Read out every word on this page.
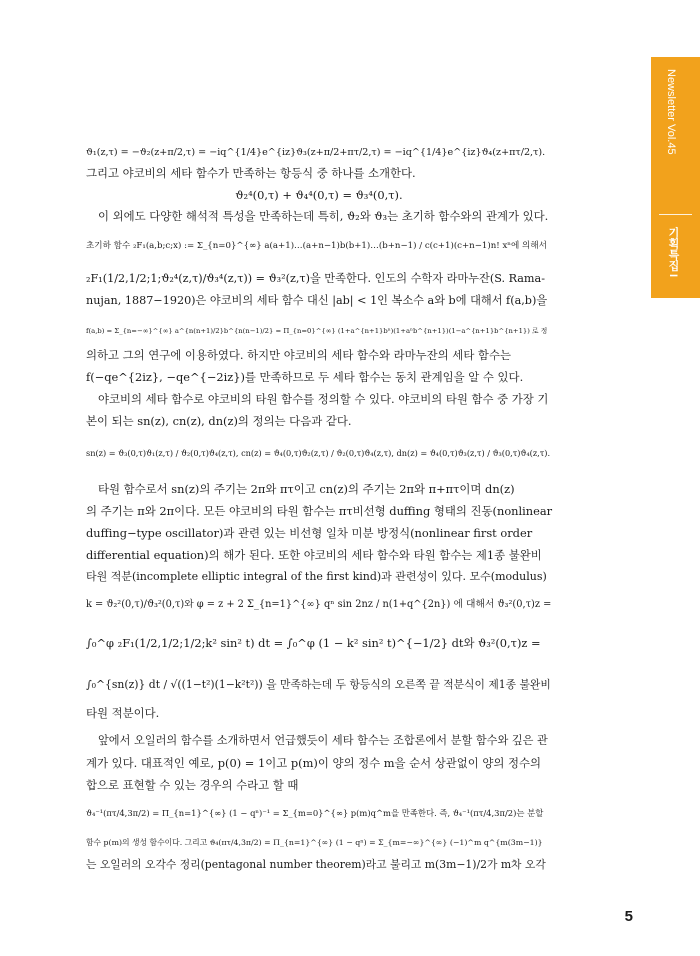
Newsletter Vol.45
기획특집 I
ϑ₁(z,τ) = −ϑ₂(z+π/2,τ) = −iq^{1/4}e^{iz}ϑ₃(z+π/2+πτ/2,τ) = −iq^{1/4}e^{iz}ϑ₄(z+πτ/2,τ).
그리고 야코비의 세타 함수가 만족하는 항등식 중 하나를 소개한다.
ϑ₂⁴(0,τ) + ϑ₄⁴(0,τ) = ϑ₃⁴(0,τ).
이 외에도 다양한 해석적 특성을 만족하는데 특히, ϑ₂와 ϑ₃는 초기하 함수와의 관계가 있다.
초기하 함수 ₂F₁(a,b;c;x) := Σ_{n=0}^{∞} a(a+1)…(a+n−1)b(b+1)…(b+n−1) / c(c+1)(c+n−1)n! xⁿ에 의해서
₂F₁(1/2,1/2;1;ϑ₂⁴(z,τ)/ϑ₃⁴(z,τ)) = ϑ₃²(z,τ)을 만족한다. 인도의 수학자 라마누잔(S. Rama-
nujan, 1887−1920)은 야코비의 세타 함수 대신 |ab| < 1인 복소수 a와 b에 대해서 f(a,b)을
f(a,b) = Σ_{n=−∞}^{∞} a^{n(n+1)/2}b^{n(n−1)/2} = Π_{n=0}^{∞} (1+a^{n+1}bⁿ)(1+aⁿb^{n+1})(1−a^{n+1}b^{n+1}) 로 정
의하고 그의 연구에 이용하였다. 하지만 야코비의 세타 함수와 라마누잔의 세타 함수는
f(−qe^{2iz}, −qe^{−2iz})를 만족하므로 두 세타 함수는 동치 관계임을 알 수 있다.
야코비의 세타 함수로 야코비의 타원 함수를 정의할 수 있다. 야코비의 타원 함수 중 가장 기
본이 되는 sn(z), cn(z), dn(z)의 정의는 다음과 같다.
sn(z) = ϑ₃(0,τ)ϑ₁(z,τ) / ϑ₂(0,τ)ϑ₄(z,τ), cn(z) = ϑ₄(0,τ)ϑ₂(z,τ) / ϑ₂(0,τ)ϑ₄(z,τ), dn(z) = ϑ₄(0,τ)ϑ₃(z,τ) / ϑ₃(0,τ)ϑ₄(z,τ).
타원 함수로서 sn(z)의 주기는 2π와 πτ이고 cn(z)의 주기는 2π와 π+πτ이며 dn(z)
의 주기는 π와 2π이다. 모든 야코비의 타원 함수는 πτ비선형 duffing 형태의 진동(nonlinear
duffing−type oscillator)과 관련 있는 비선형 일차 미분 방정식(nonlinear first order
differential equation)의 해가 된다. 또한 야코비의 세타 함수와 타원 함수는 제1종 불완비
타원 적분(incomplete elliptic integral of the first kind)과 관련성이 있다. 모수(modulus)
k = ϑ₂²(0,τ)/ϑ₃²(0,τ)와 φ = z + 2 Σ_{n=1}^{∞} qⁿ sin 2nz / n(1+q^{2n}) 에 대해서 ϑ₃²(0,τ)z =
∫₀^φ ₂F₁(1/2,1/2;1/2;k² sin² t) dt = ∫₀^φ (1 − k² sin² t)^{−1/2} dt와 ϑ₃²(0,τ)z =
∫₀^{sn(z)} dt / √((1−t²)(1−k²t²)) 을 만족하는데 두 항등식의 오른쪽 끝 적분식이 제1종 불완비
타원 적분이다.
앞에서 오일러의 함수를 소개하면서 언급했듯이 세타 함수는 조합론에서 분할 함수와 깊은 관
계가 있다. 대표적인 예로, p(0) = 1이고 p(m)이 양의 정수 m을 순서 상관없이 양의 정수의
합으로 표현할 수 있는 경우의 수라고 할 때
ϑ₄⁻¹(πτ/4,3π/2) = Π_{n=1}^{∞} (1 − qⁿ)⁻¹ = Σ_{m=0}^{∞} p(m)q^m을 만족한다. 즉, ϑ₄⁻¹(πτ/4,3π/2)는 분할
함수 p(m)의 생성 함수이다. 그리고 ϑ₄(πτ/4,3π/2) = Π_{n=1}^{∞} (1 − qⁿ) = Σ_{m=−∞}^{∞} (−1)^m q^{m(3m−1)}
는 오일러의 오각수 정리(pentagonal number theorem)라고 불리고 m(3m−1)/2가 m차 오각
5
